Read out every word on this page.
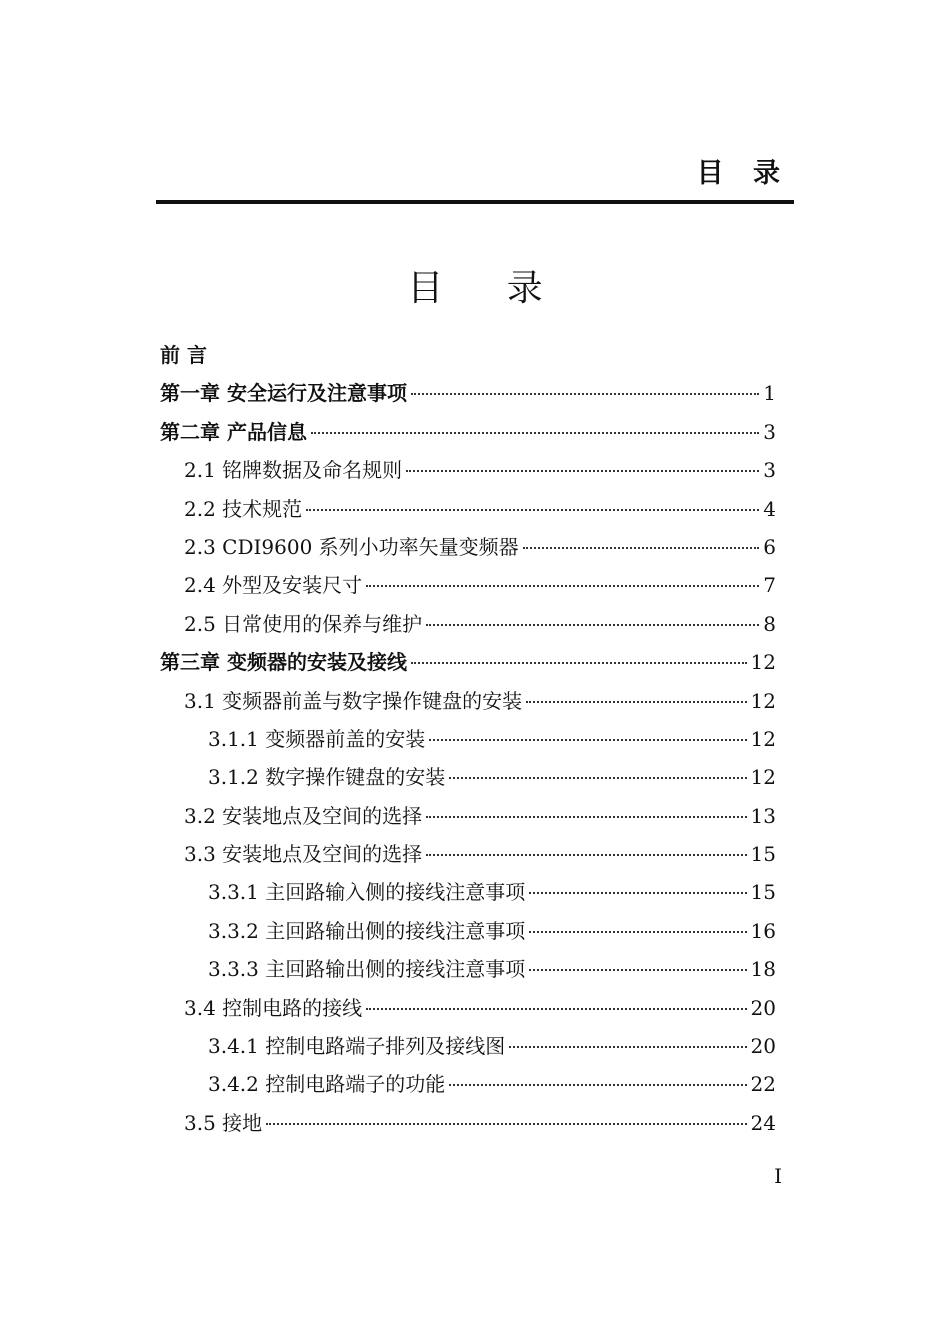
目 录
目 录
前 言
第一章 安全运行及注意事项	1
第二章 产品信息	3
2.1 铭牌数据及命名规则	3
2.2 技术规范	4
2.3 CDI9600 系列小功率矢量变频器	6
2.4 外型及安装尺寸	7
2.5 日常使用的保养与维护	8
第三章 变频器的安装及接线	12
3.1 变频器前盖与数字操作键盘的安装	12
3.1.1 变频器前盖的安装	12
3.1.2 数字操作键盘的安装	12
3.2 安装地点及空间的选择	13
3.3 安装地点及空间的选择	15
3.3.1 主回路输入侧的接线注意事项	15
3.3.2 主回路输出侧的接线注意事项	16
3.3.3 主回路输出侧的接线注意事项	18
3.4 控制电路的接线	20
3.4.1 控制电路端子排列及接线图	20
3.4.2 控制电路端子的功能	22
3.5 接地	24
I
